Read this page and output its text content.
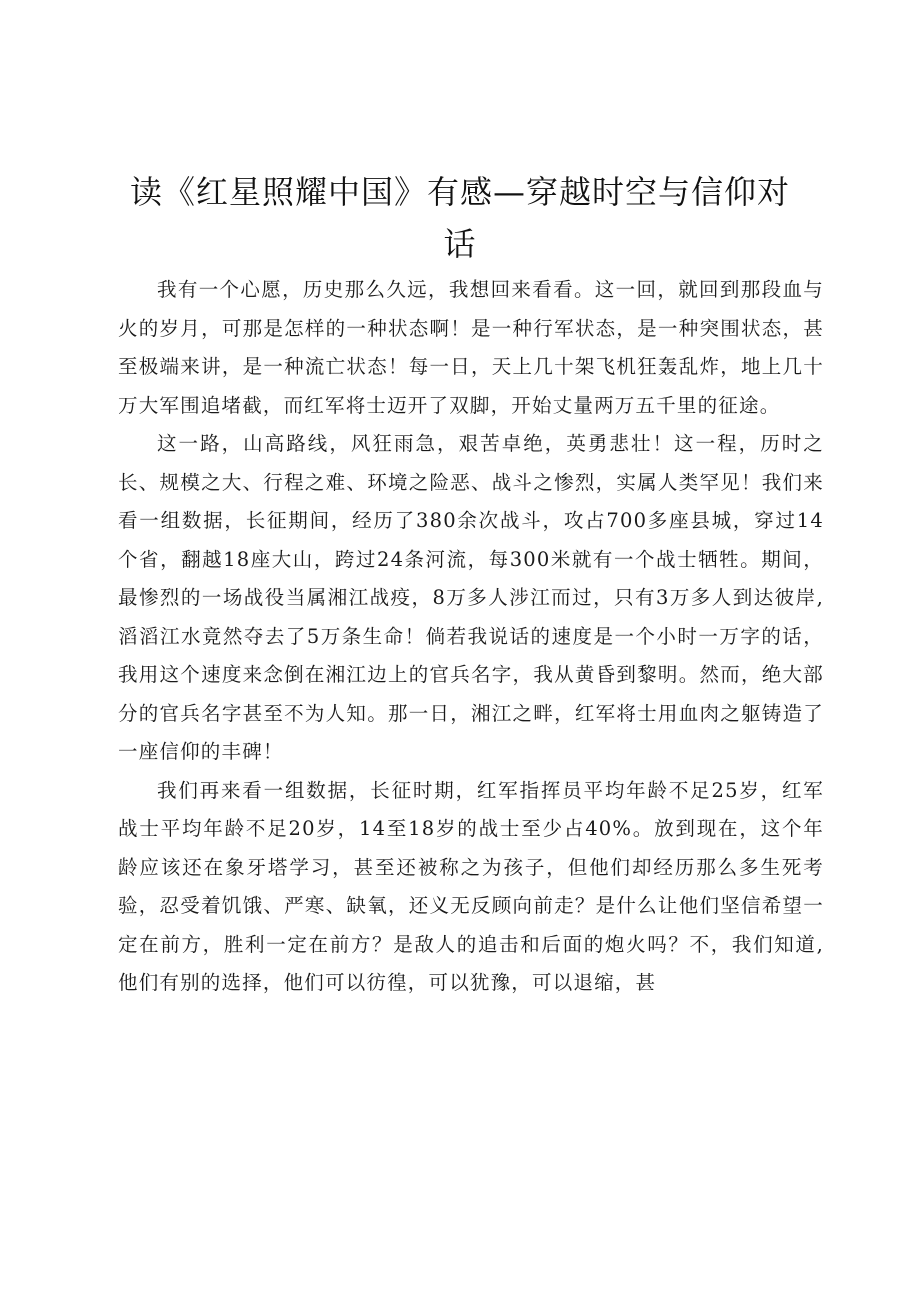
读《红星照耀中国》有感—穿越时空与信仰对话

我有一个心愿，历史那么久远，我想回来看看。这一回，就回到那段血与火的岁月，可那是怎样的一种状态啊！是一种行军状态，是一种突围状态，甚至极端来讲，是一种流亡状态！每一日，天上几十架飞机狂轰乱炸，地上几十万大军围追堵截，而红军将士迈开了双脚，开始丈量两万五千里的征途。

这一路，山高路线，风狂雨急，艰苦卓绝，英勇悲壮！这一程，历时之长、规模之大、行程之难、环境之险恶、战斗之惨烈，实属人类罕见！我们来看一组数据，长征期间，经历了380余次战斗，攻占700多座县城，穿过14个省，翻越18座大山，跨过24条河流，每300米就有一个战士牺牲。期间，最惨烈的一场战役当属湘江战疫，8万多人涉江而过，只有3万多人到达彼岸,滔滔江水竟然夺去了5万条生命！倘若我说话的速度是一个小时一万字的话，我用这个速度来念倒在湘江边上的官兵名字，我从黄昏到黎明。然而，绝大部分的官兵名字甚至不为人知。那一日，湘江之畔，红军将士用血肉之躯铸造了一座信仰的丰碑！

我们再来看一组数据，长征时期，红军指挥员平均年龄不足25岁，红军战士平均年龄不足20岁，14至18岁的战士至少占40%。放到现在，这个年龄应该还在象牙塔学习，甚至还被称之为孩子，但他们却经历那么多生死考验，忍受着饥饿、严寒、缺氧，还义无反顾向前走？是什么让他们坚信希望一定在前方，胜利一定在前方？是敌人的追击和后面的炮火吗？不，我们知道,他们有别的选择，他们可以彷徨，可以犹豫，可以退缩，甚
